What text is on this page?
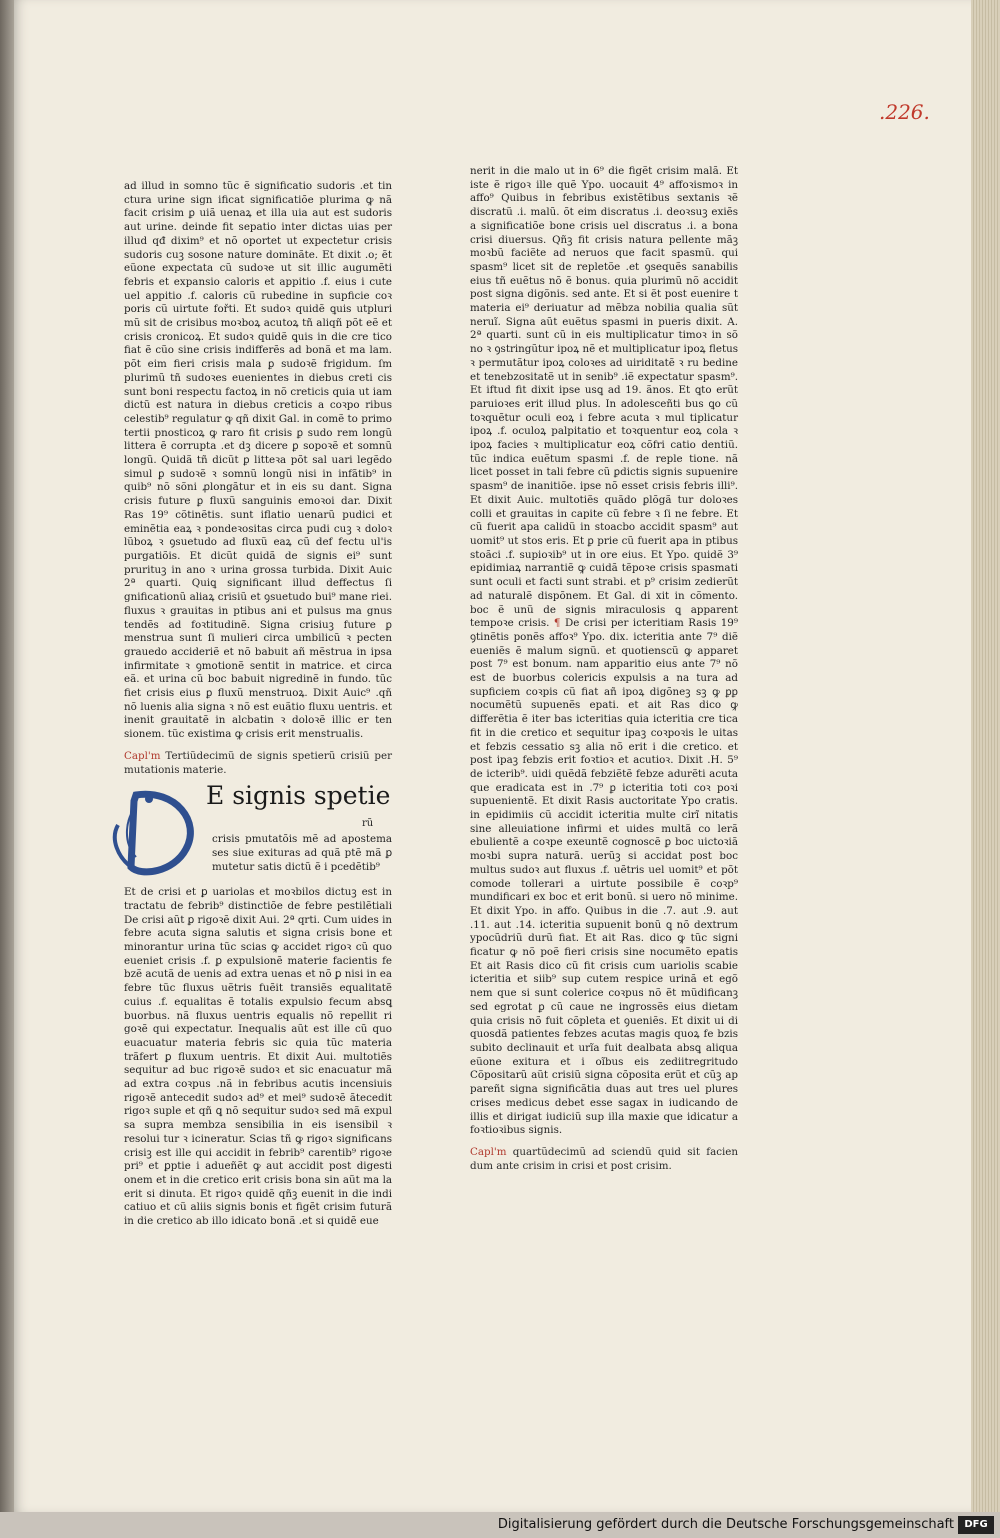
.226.

ad illud in somno tũc ẽ significatio sudoris .et tin ctura urine sign ificat significatiõe plurima ꝙ nã facit crisim ꝑ uiã uenaꝝ et illa uia aut est sudoris aut urine. deinde fit sepatio inter dictas uias per illud qđ dixim⁹ et nõ oportet ut expectetur crisis sudoris cuꝫ sosone nature dominãte. Et dixit .o; ẽt eũone expectata cũ sudoꝛe ut sit illic augumẽti febris et expansio caloris et appitio .f. eius i cute uel appitio .f. caloris cũ rubedine in supficie coꝛ poris cũ uirtute fořti. Et sudoꝛ quidẽ ꝗuis utpluri mũ sit de crisibus moꝛboꝝ acutoꝝ tñ aliqñ põt eẽ et crisis cronicoꝝ. Et sudoꝛ quidẽ ꝗuis in die cre tico fiat ẽ cũo sine crisis indifferẽs ad bonã et ma lam. põt eim fieri crisis mala ꝑ sudoꝛẽ frigidum. ſm plurimũ tñ sudoꝛes euenientes in diebus creti cis sunt boni respectu factoꝝ in nõ creticis quia ut iam dictũ est natura in diebus creticis a coꝛpo ribus celestib⁹ regulatur ꝙ qñ dixit Gal. in comẽ to primo tertii pnosticoꝝ ꝙ raro fit crisis ꝑ sudo rem longũ littera ẽ corrupta .et dꝫ dicere ꝑ sopoꝛẽ et somnũ longũ. Quidã tñ dicũt ꝑ litteꝛa põt sal uari legẽdo simul ꝑ sudoꝛẽ ꝛ somnũ longũ nisi in infãtib⁹ in quib⁹ nõ sõni ꝓlongãtur et in eis su dant. Signa crisis future ꝑ fluxũ sanguinis emoꝛoi dar. Dixit Ras 19⁹ cõtinẽtis. sunt iflatio uenarũ pudici et eminẽtia eaꝝ ꝛ pondeꝛositas circa pudi cuꝫ ꝛ dolοꝛ lũboꝝ ꝛ ꝯsuetudo ad fluxũ eaꝝ cũ def fectu ul'is purgatiõis. Et dicũt quidã de signis ei⁹ sunt prurituꝫ in ano ꝛ urina grossa turbida. Dixit Auic 2ª quarti. Quiꝗ significant illud deffectus ſi gnificationũ aliaꝝ crisiũ et ꝯsuetudo bui⁹ mane riei. fluxus ꝛ grauitas in ptibus ani et pulsus ma gnus tendẽs ad foꝛtitudinẽ. Signa crisiuꝫ future ꝑ menstrua sunt ſi mulieri circa umbilicũ ꝛ pecten grauedo accideriẽ et nõ babuit añ mẽstrua in ipsa infirmitate ꝛ ꝯmotionẽ sentit in matrice. et circa eã. et urina cũ boc babuit nigredinẽ in fundo. tũc fiet crisis eius ꝑ fluxũ menstruoꝝ. Dixit Auic⁹ .qñ nõ luenis alia signa ꝛ nõ est euãtio fluxu uentris. et inenit grauitatẽ in alcbatin ꝛ doloꝛẽ illic er ten sionem. tũc existima ꝙ crisis erit menstrualis.

Capl'm Tertiũdecimũ de signis spetierũ crisiũ per mutationis materie.

E signis spetie
rũ
crisis pmutatõis mẽ ad apostema ses siue exituras ad quã ptẽ mã ꝑ mutetur satis dictũ ẽ i pcedẽtib⁹

Et de crisi et ꝑ uariolas et moꝛbilos dictuꝫ est in tractatu de febrib⁹ distinctiõe de febre pestilẽtiali De crisi aũt ꝑ rigoꝛẽ dixit Aui. 2ª qrti. Cum uides in febre acuta signa salutis et signa crisis bone et minorantur urina tũc scias ꝙ accidet rigoꝛ cũ quo eueniet crisis .f. ꝑ expulsionẽ materie facientis fe bzẽ acutã de uenis ad extra uenas et nõ ꝑ nisi in ea febre tũc fluxus uẽtris fuẽit transiẽs equalitatẽ cuius .f. equalitas ẽ totalis expulsio fecum absꝗ buorbus. nã fluxus uentris equalis nõ repellit ri goꝛẽ qui expectatur. Inequalis aũt est ille cũ quo euacuatur materia febris sic quia tũc materia trãfert ꝑ fluxum uentris. Et dixit Aui. multotiẽs sequitur ad buc rigoꝛẽ sudoꝛ et sic enacuatur mã ad extra coꝛpus .nã in febribus acutis incensiuis rigoꝛẽ antecedit sudoꝛ ad⁹ et mei⁹ sudoꝛẽ ãtecedit rigoꝛ suple et qñ ꝗ nõ sequitur sudoꝛ sed mã expul sa supra membza sensibilia in eis isensibil ꝛ resolui tur ꝛ icineratur. Scias tñ ꝙ rigoꝛ significans crisiꝫ est ille qui accidit in febrib⁹ carentib⁹ rigoꝛe pri⁹ et ꝑptie i adueñẽt ꝙ aut accidit post digesti onem et in die cretico erit crisis bona sin aũt ma la erit si dinuta. Et rigoꝛ quidẽ qñꝫ euenit in die indi catiuo et cũ aliis signis bonis et figẽt crisim futurã in die cretico ab illo idicato bonã .et si quidẽ eue

nerit in die malo ut in 6⁹ die figẽt crisim malã. Et iste ẽ rigoꝛ ille quẽ Ypo. uocauit 4⁹ affoꝛismoꝛ in affo⁹ Quibus in febribus existẽtibus sextanis ꝛẽ discratũ .i. malũ. õt eim discratus .i. deoꝛsuꝫ exiẽs a significatiõe bone crisis uel discratus .i. a bona crisi diuersus. Qñꝫ fit crisis natura pellente mãꝫ moꝛbũ faciẽte ad neruos que facit spasmũ. qui spasm⁹ licet sit de repletõe .et ꝯsequẽs sanabilis eius tñ euẽtus nõ ẽ bonus. quia plurimũ nõ accidit post signa digõnis. sed ante. Et si ẽt post euenire t materia ei⁹ deriuatur ad mẽbza nobilia qualia sũt neruĩ. Signa aũt euẽtus spasmi in pueris dixit. A. 2ª quarti. sunt cũ in eis multiplicatur timoꝛ in sõ no ꝛ ꝯstringũtur ipoꝝ nẽ et multiplicatur ipoꝝ fletus ꝛ permutãtur ipoꝝ coloꝛes ad uiriditatẽ ꝛ ru bedine et tenebzositatẽ ut in senib⁹ .iẽ expectatur spasm⁹. Et iftud fit dixit ipse usꝗ ad 19. ãnos. Et ꝗto erũt paruioꝛes erit illud plus. In adolesceñti bus ꝗo cũ toꝛquẽtur oculi eoꝝ i febre acuta ꝛ mul tiplicatur ipoꝝ .f. oculoꝝ palpitatio et toꝛquentur eoꝝ cola ꝛ ipoꝝ facies ꝛ multiplicatur eoꝝ cõfri catio dentiũ. tũc indica euẽtum spasmi .f. de reple tione. nã licet posset in tali febre cũ ꝑdictis signis supuenire spasm⁹ de inanitiõe. ipse nõ esset crisis febris illi⁹. Et dixit Auic. multotiẽs quãdo ꝑlõgã tur doloꝛes colli et grauitas in capite cũ febre ꝛ ſi ne febre. Et cũ fuerit apa calidũ in stoacbo accidit spasm⁹ aut uomit⁹ ut stos eris. Et ꝑ prie cũ fuerit apa in ptibus stoãci .f. supioꝛib⁹ ut in ore eius. Et Ypo. quidẽ 3⁹ epidimiaꝝ narrantiẽ ꝙ cuidã tẽpoꝛe crisis spasmati sunt oculi et facti sunt strabi. et p⁹ crisim zedierũt ad naturalẽ dispõnem. Et Gal. di xit in cõmento. boc ẽ unũ de signis miraculosis ꝗ apparent tempoꝛe crisis. ¶ De crisi per icteritiam Rasis 19⁹ ꝯtinẽtis ponẽs affoꝛ⁹ Ypo. dix. icteritia ante 7⁹ diẽ eueniẽs ẽ malum signũ. et quotienscũ ꝙ apparet post 7⁹ est bonum. nam apparitio eius ante 7⁹ nõ est de buorbus colericis expulsis a na tura ad supficiem coꝛpis cũ fiat añ ipoꝝ digõneꝫ sꝫ ꝙ ꝑꝑ nocumẽtũ supuenẽs epati. et ait Ras dico ꝙ differẽtia ẽ iter bas icteritias quia icteritia cre tica fit in die cretico et sequitur ipaꝫ coꝛpoꝛis le uitas et febzis cessatio sꝫ alia nõ erit i die cretico. et post ipaꝫ febzis erit foꝛtioꝛ et acutioꝛ. Dixit .H. 5⁹ de icterib⁹. uidi quẽdã febziẽtẽ febze adurẽti acuta que eradicata est in .7⁹ ꝑ icteritia toti coꝛ poꝛi supuenientẽ. Et dixit Rasis auctoritate Ypo cratis. in epidimiis cũ accidit icteritia multe cirĩ nitatis sine alleuiatione infirmi et uides multã co lerã ebulientẽ a coꝛpe exeuntẽ cognoscẽ ꝑ boc uictoꝛiã moꝛbi supra naturã. uerũꝫ si accidat post boc multus sudoꝛ aut fluxus .f. uẽtris uel uomit⁹ et põt comode tollerari a uirtute possibile ẽ coꝛp⁹ mundificari ex boc et erit bonũ. si uero nõ minime. Et dixit Ypo. in affo. Quibus in die .7. aut .9. aut .11. aut .14. icteritia supuenit bonũ ꝗ nõ dextrum ypocũdriũ durũ fiat. Et ait Ras. dico ꝙ tũc signi ficatur ꝙ nõ poẽ fieri crisis sine nocumẽto epatis Et ait Rasis dico cũ fit crisis cum uariolis scabie icteritia et siib⁹ sup cutem respice urinã et egõ nem que si sunt colerice coꝛpus nõ ẽt mũdificanꝫ sed egrotat ꝑ cũ caue ne ingrossẽs eius dietam quia crisis nõ fuit cõpleta et ꝯueniẽs. Et dixit ui di quosdã patientes febzes acutas magis quoꝝ fe bzis subito declinauit et urĩa fuit dealbata absꝗ aliqua eũone exitura et i oĩbus eis zediitregritudo Cõpositarũ aũt crisiũ signa cõposita erũt et cũꝫ ap pareñt signa significãtia duas aut tres uel plures crises medicus debet esse sagax in iudicando de illis et dirigat iudiciũ sup illa maxie que idicatur a foꝛtioꝛibus signis.

Capl'm quartũdecimũ ad sciendũ quid sit facien dum ante crisim in crisi et post crisim.

Digitalisierung gefördert durch die Deutsche Forschungsgemeinschaft	DFG
